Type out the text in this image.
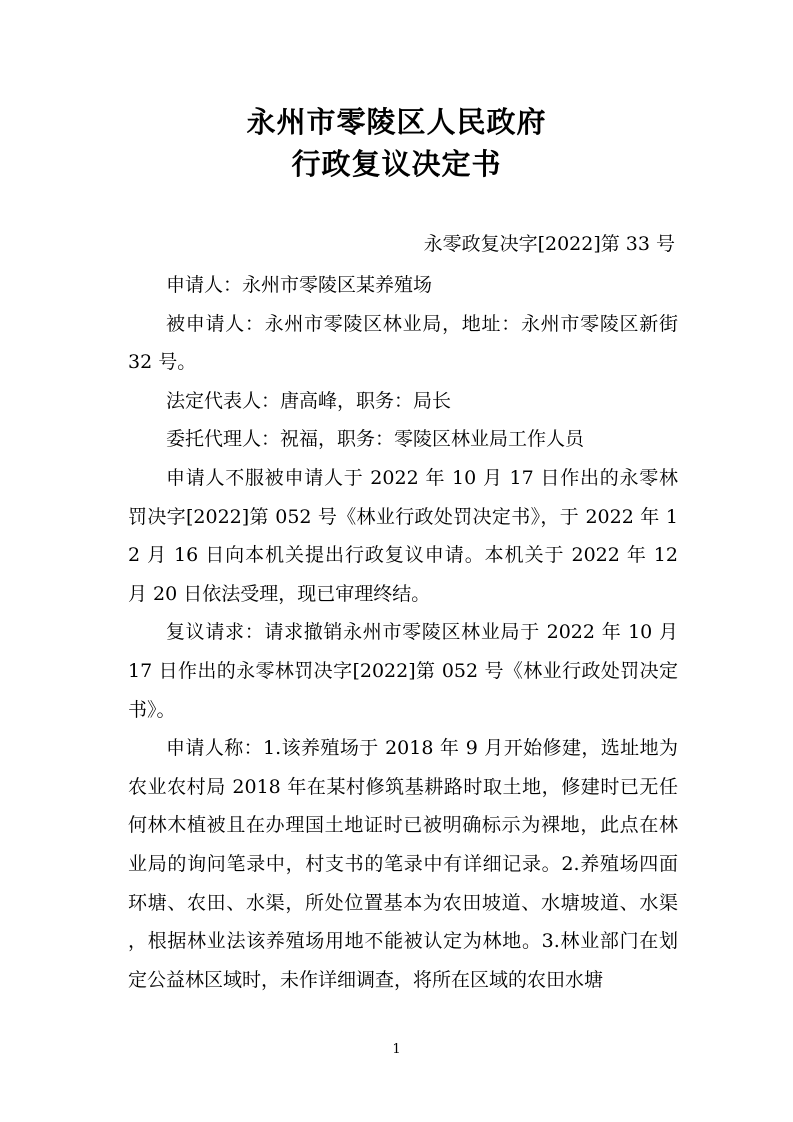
永州市零陵区人民政府
行政复议决定书

永零政复决字[2022]第 33 号

申请人：永州市零陵区某养殖场

被申请人：永州市零陵区林业局，地址：永州市零陵区新街 32 号。

法定代表人：唐高峰，职务：局长

委托代理人：祝福，职务：零陵区林业局工作人员

申请人不服被申请人于 2022 年 10 月 17 日作出的永零林罚决字[2022]第 052 号《林业行政处罚决定书》，于 2022 年 12 月 16 日向本机关提出行政复议申请。本机关于 2022 年 12 月 20 日依法受理，现已审理终结。

复议请求：请求撤销永州市零陵区林业局于 2022 年 10 月 17 日作出的永零林罚决字[2022]第 052 号《林业行政处罚决定书》。

申请人称：1.该养殖场于 2018 年 9 月开始修建，选址地为农业农村局 2018 年在某村修筑基耕路时取土地，修建时已无任何林木植被且在办理国土地证时已被明确标示为裸地，此点在林业局的询问笔录中，村支书的笔录中有详细记录。2.养殖场四面环塘、农田、水渠，所处位置基本为农田坡道、水塘坡道、水渠，根据林业法该养殖场用地不能被认定为林地。3.林业部门在划定公益林区域时，未作详细调查，将所在区域的农田水塘

1
